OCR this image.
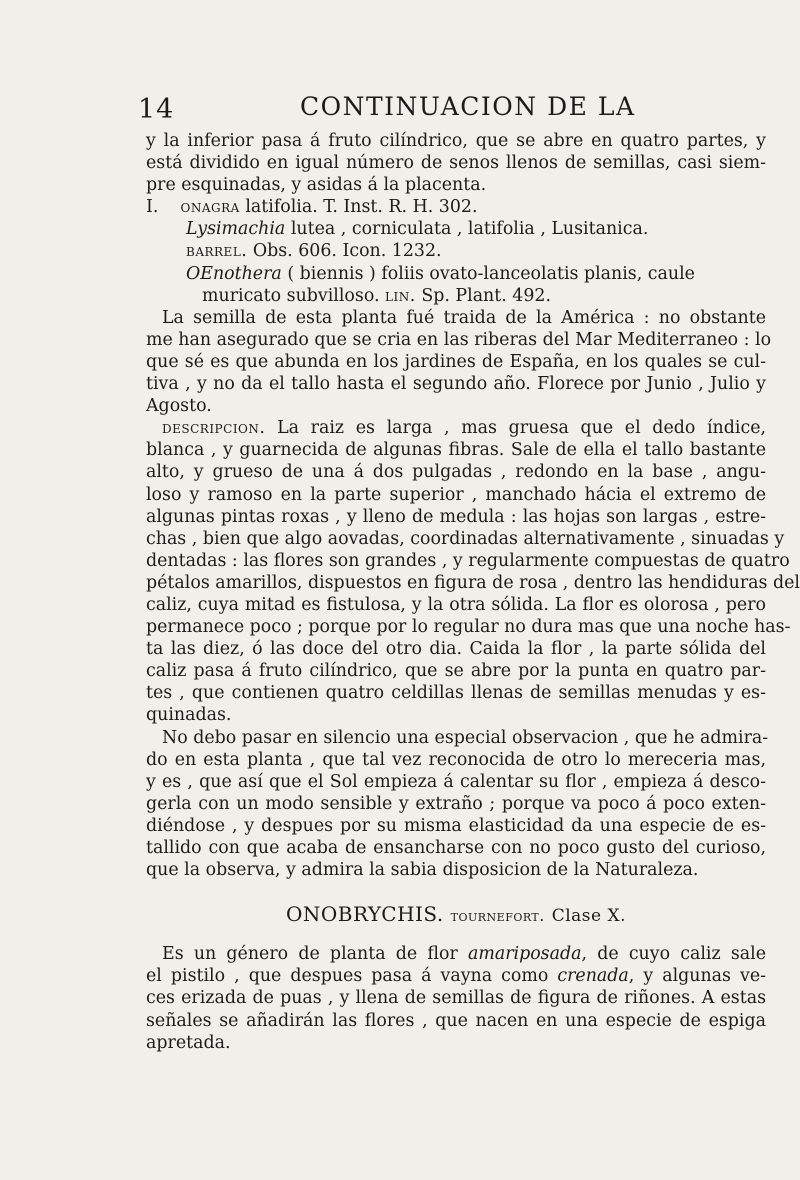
14	CONTINUACION DE LA
y la inferior pasa á fruto cilíndrico, que se abre en quatro partes, y
está dividido en igual número de senos llenos de semillas, casi siem-
pre esquinadas, y asidas á la placenta.
I. onagra latifolia. T. Inst. R. H. 302.
Lysimachia lutea , corniculata , latifolia , Lusitanica.
barrel. Obs. 606. Icon. 1232.
OEnothera ( biennis ) foliis ovato-lanceolatis planis, caule
muricato subvilloso. lin. Sp. Plant. 492.
La semilla de esta planta fué traida de la América : no obstante
me han asegurado que se cria en las riberas del Mar Mediterraneo : lo
que sé es que abunda en los jardines de España, en los quales se cul-
tiva , y no da el tallo hasta el segundo año. Florece por Junio , Julio y
Agosto.
descripcion. La raiz es larga , mas gruesa que el dedo índice,
blanca , y guarnecida de algunas fibras. Sale de ella el tallo bastante
alto, y grueso de una á dos pulgadas , redondo en la base , angu-
loso y ramoso en la parte superior , manchado hácia el extremo de
algunas pintas roxas , y lleno de medula : las hojas son largas , estre-
chas , bien que algo aovadas, coordinadas alternativamente , sinuadas y
dentadas : las flores son grandes , y regularmente compuestas de quatro
pétalos amarillos, dispuestos en figura de rosa , dentro las hendiduras del
caliz, cuya mitad es fistulosa, y la otra sólida. La flor es olorosa , pero
permanece poco ; porque por lo regular no dura mas que una noche has-
ta las diez, ó las doce del otro dia. Caida la flor , la parte sólida del
caliz pasa á fruto cilíndrico, que se abre por la punta en quatro par-
tes , que contienen quatro celdillas llenas de semillas menudas y es-
quinadas.
No debo pasar en silencio una especial observacion , que he admira-
do en esta planta , que tal vez reconocida de otro lo mereceria mas,
y es , que así que el Sol empieza á calentar su flor , empieza á desco-
gerla con un modo sensible y extraño ; porque va poco á poco exten-
diéndose , y despues por su misma elasticidad da una especie de es-
tallido con que acaba de ensancharse con no poco gusto del curioso,
que la observa, y admira la sabia disposicion de la Naturaleza.
ONOBRYCHIS. tournefort. Clase X.
Es un género de planta de flor amariposada, de cuyo caliz sale
el pistilo , que despues pasa á vayna como crenada, y algunas ve-
ces erizada de puas , y llena de semillas de figura de riñones. A estas
señales se añadirán las flores , que nacen en una especie de espiga
apretada.
